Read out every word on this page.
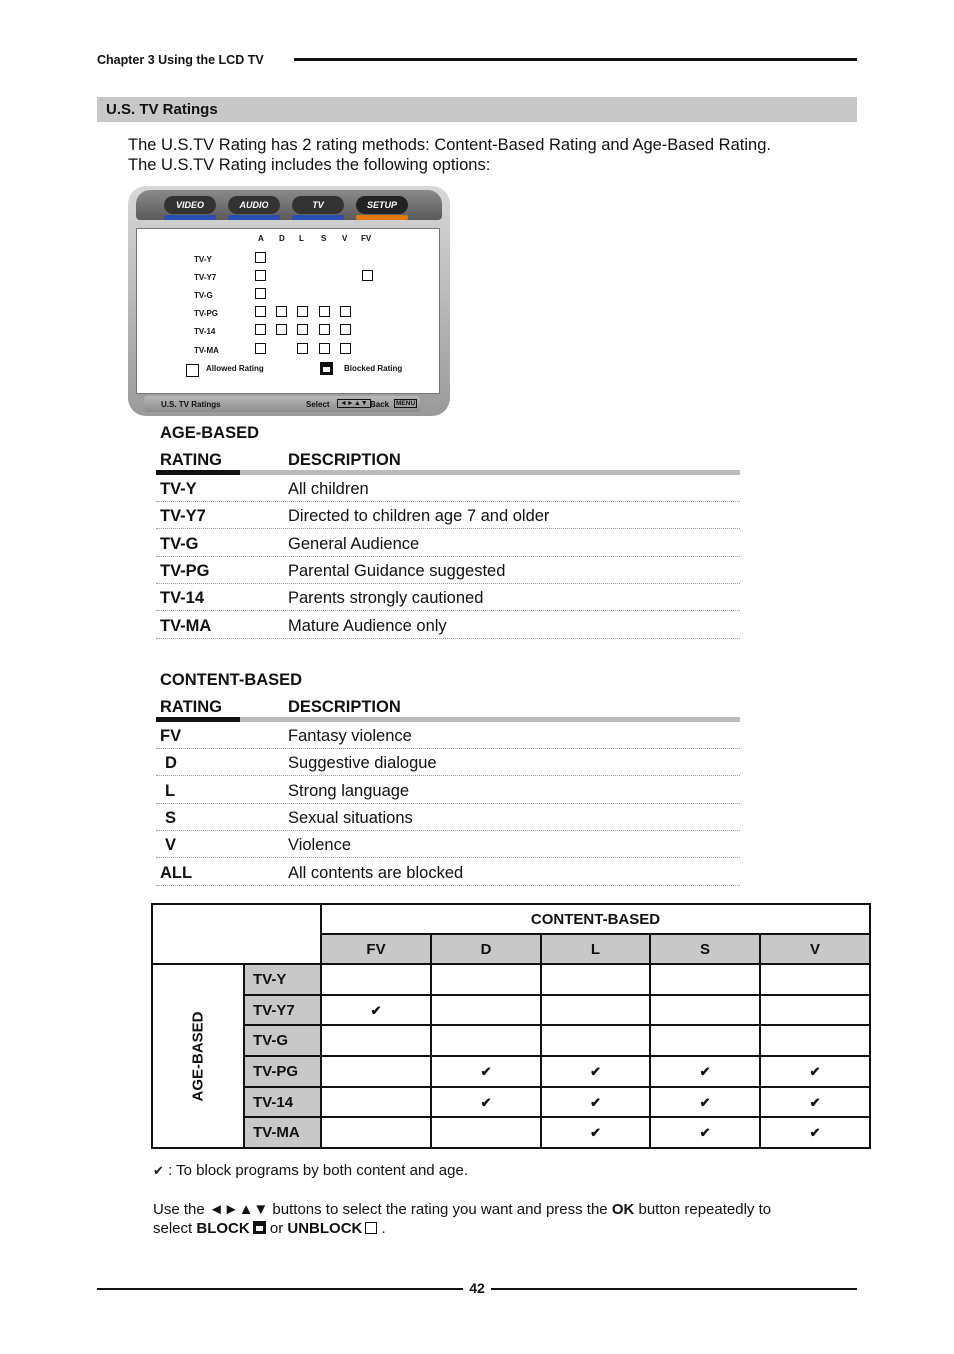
Chapter 3 Using the LCD TV
U.S. TV Ratings
The U.S.TV Rating has 2 rating methods: Content-Based Rating and Age-Based Rating.
The U.S.TV Rating includes the following options:
VIDEO	AUDIO	TV	SETUP
A D L S V FV
TV-Y
TV-Y7
TV-G
TV-PG
TV-14
TV-MA
Allowed Rating	Blocked Rating
U.S. TV Ratings	Select	◄►▲▼ Back	MENU
AGE-BASED
RATING	DESCRIPTION
TV-Y	All children
TV-Y7	Directed to children age 7 and older
TV-G	General Audience
TV-PG	Parental Guidance suggested
TV-14	Parents strongly cautioned
TV-MA	Mature Audience only
CONTENT-BASED
RATING	DESCRIPTION
FV	Fantasy violence
D	Suggestive dialogue
L	Strong language
S	Sexual situations
V	Violence
ALL	All contents are blocked
		CONTENT-BASED				
		FV	D	L	S	V
AGE-BASED	TV-Y					
	TV-Y7	✔				
	TV-G					
	TV-PG		✔	✔	✔	✔
	TV-14		✔	✔	✔	✔
	TV-MA			✔	✔	✔
✔ : To block programs by both content and age.
Use the ◄►▲▼ buttons to select the rating you want and press the OK button repeatedly to
select BLOCK or UNBLOCK .
42
